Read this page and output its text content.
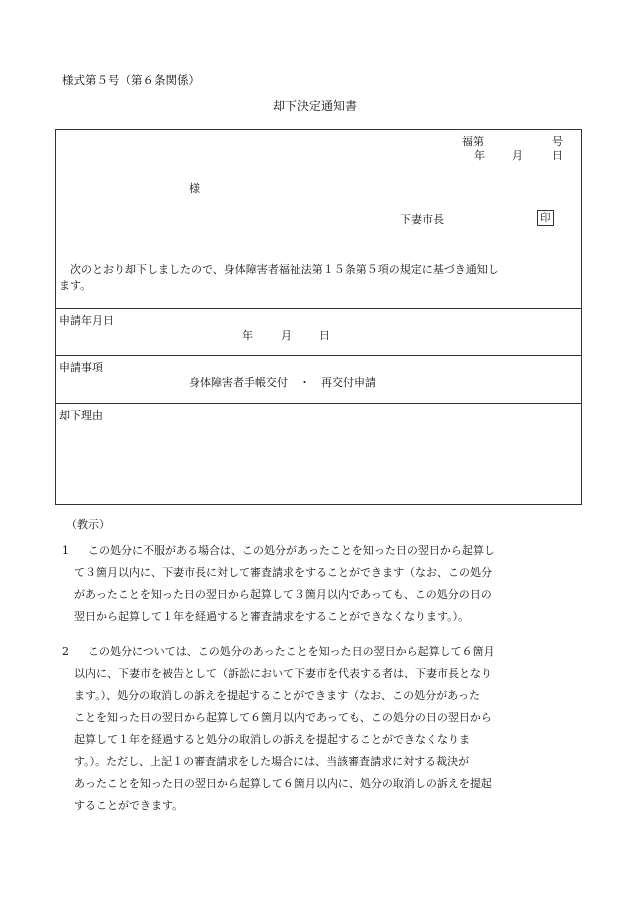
様式第５号（第６条関係）
却下決定通知書
福第	号
年 月	日
様
下妻市長	印
次のとおり却下しましたので、身体障害者福祉法第１５条第５項の規定に基づき通知し
ます。
申請年月日
年	月 日
申請事項
身体障害者手帳交付　・　再交付申請
却下理由
（教示）
1	この処分に不服がある場合は、この処分があったことを知った日の翌日から起算し
て３箇月以内に、下妻市長に対して審査請求をすることができます（なお、この処分
があったことを知った日の翌日から起算して３箇月以内であっても、この処分の日の
翌日から起算して１年を経過すると審査請求をすることができなくなります。）。
2	この処分については、この処分のあったことを知った日の翌日から起算して６箇月
以内に、下妻市を被告として（訴訟において下妻市を代表する者は、下妻市長となり
ます。）、処分の取消しの訴えを提起することができます（なお、この処分があった
ことを知った日の翌日から起算して６箇月以内であっても、この処分の日の翌日から
起算して１年を経過すると処分の取消しの訴えを提起することができなくなりま
す。）。ただし、上記１の審査請求をした場合には、当該審査請求に対する裁決が
あったことを知った日の翌日から起算して６箇月以内に、処分の取消しの訴えを提起
することができます。
